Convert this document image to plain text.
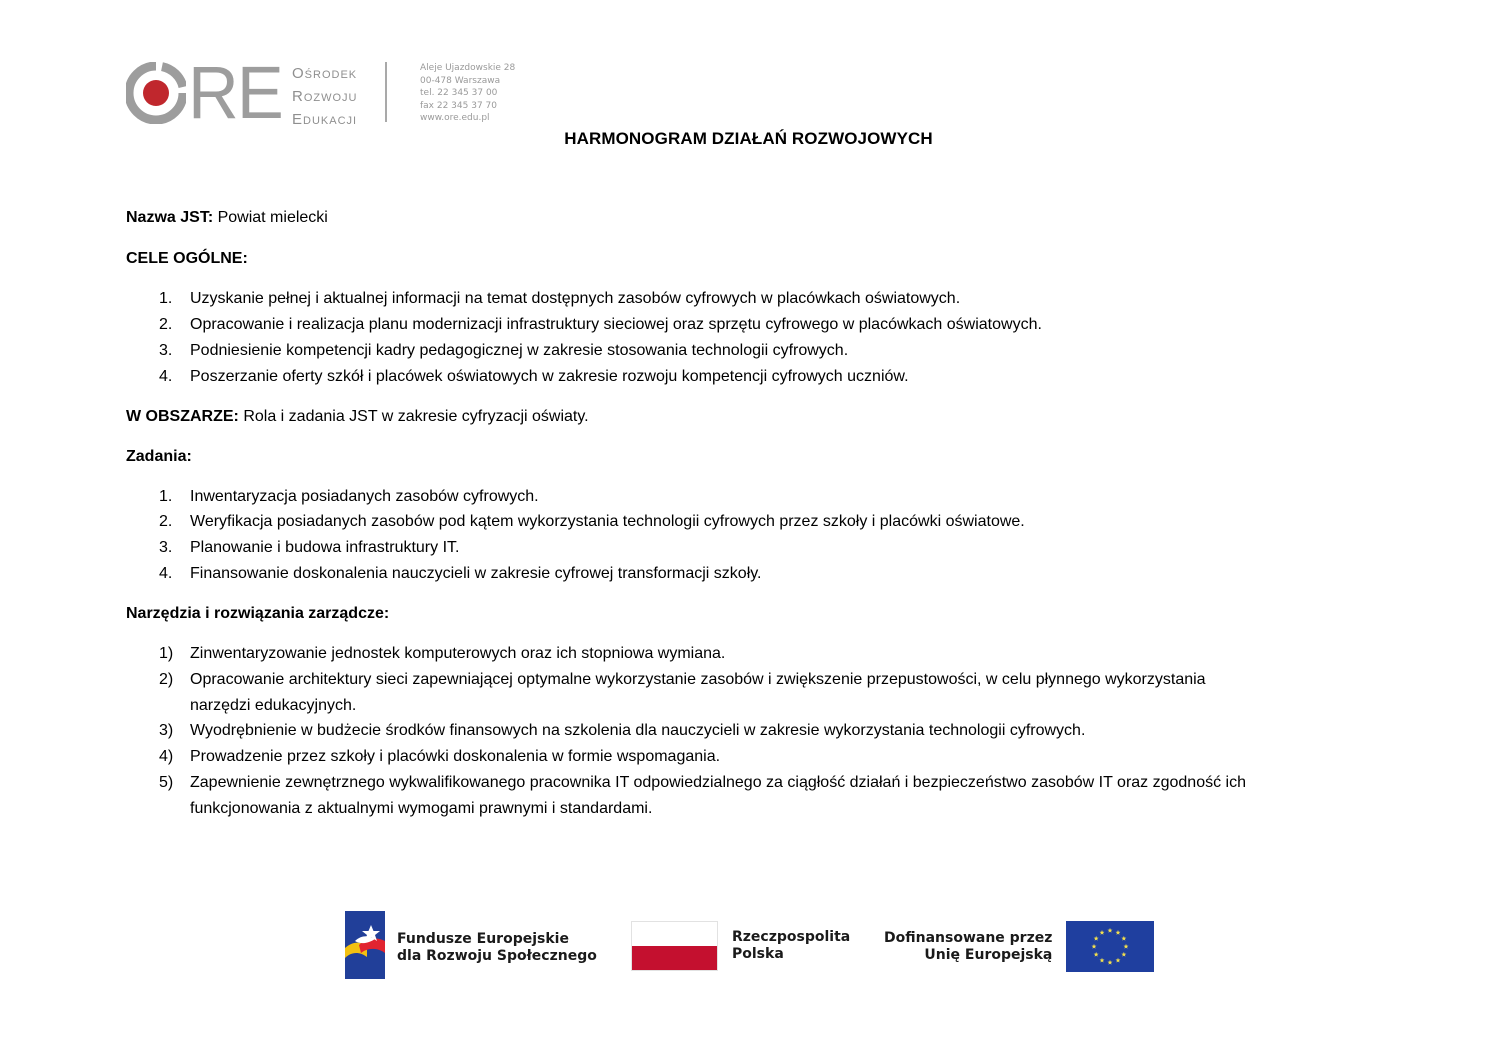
RE Ośrodek
Rozwoju
Edukacji
Aleje Ujazdowskie 28
00-478 Warszawa
tel. 22 345 37 00
fax 22 345 37 70
www.ore.edu.pl
HARMONOGRAM DZIAŁAŃ ROZWOJOWYCH
Nazwa JST: Powiat mielecki
CELE OGÓLNE:
1.	Uzyskanie pełnej i aktualnej informacji na temat dostępnych zasobów cyfrowych w placówkach oświatowych.
2.	Opracowanie i realizacja planu modernizacji infrastruktury sieciowej oraz sprzętu cyfrowego w placówkach oświatowych.
3.	Podniesienie kompetencji kadry pedagogicznej w zakresie stosowania technologii cyfrowych.
4.	Poszerzanie oferty szkół i placówek oświatowych w zakresie rozwoju kompetencji cyfrowych uczniów.
W OBSZARZE: Rola i zadania JST w zakresie cyfryzacji oświaty.
Zadania:
1.	Inwentaryzacja posiadanych zasobów cyfrowych.
2.	Weryfikacja posiadanych zasobów pod kątem wykorzystania technologii cyfrowych przez szkoły i placówki oświatowe.
3.	Planowanie i budowa infrastruktury IT.
4.	Finansowanie doskonalenia nauczycieli w zakresie cyfrowej transformacji szkoły.
Narzędzia i rozwiązania zarządcze:
1)	Zinwentaryzowanie jednostek komputerowych oraz ich stopniowa wymiana.
2)	Opracowanie architektury sieci zapewniającej optymalne wykorzystanie zasobów i zwiększenie przepustowości, w celu płynnego wykorzystania
narzędzi edukacyjnych.
3)	Wyodrębnienie w budżecie środków finansowych na szkolenia dla nauczycieli w zakresie wykorzystania technologii cyfrowych.
4)	Prowadzenie przez szkoły i placówki doskonalenia w formie wspomagania.
5)	Zapewnienie zewnętrznego wykwalifikowanego pracownika IT odpowiedzialnego za ciągłość działań i bezpieczeństwo zasobów IT oraz zgodność ich
funkcjonowania z aktualnymi wymogami prawnymi i standardami.
Fundusze Europejskie
dla Rozwoju Społecznego
Rzeczpospolita
Polska
Dofinansowane przez
Unię Europejską
